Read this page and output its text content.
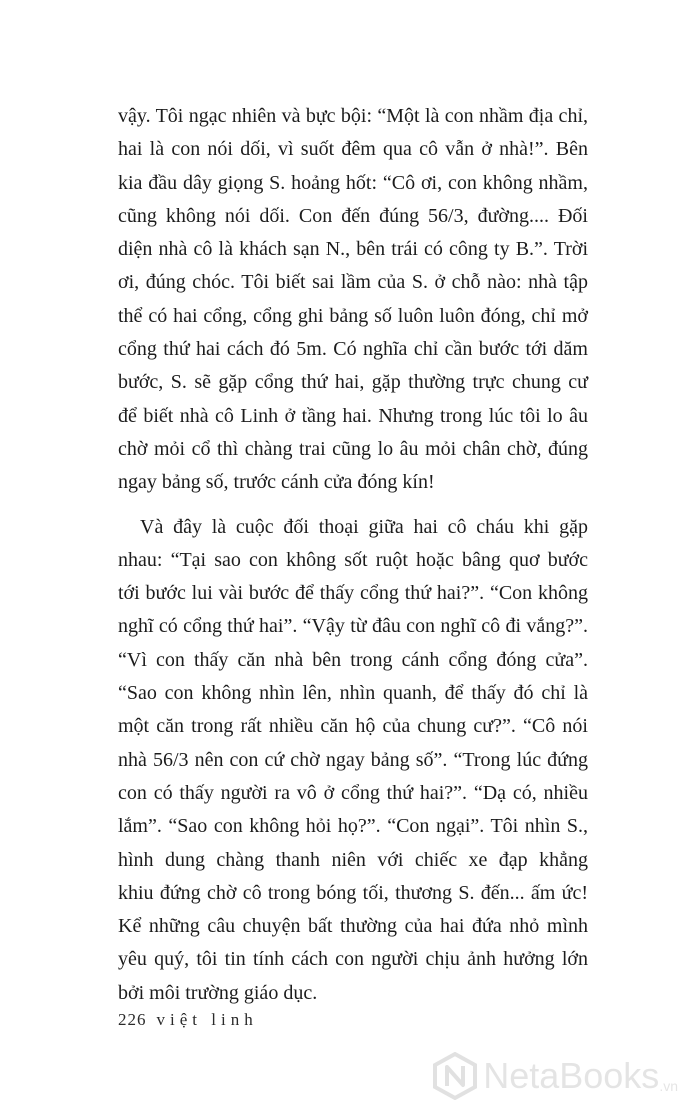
vậy. Tôi ngạc nhiên và bực bội: “Một là con nhầm địa chỉ,
hai là con nói dối, vì suốt đêm qua cô vẫn ở nhà!”. Bên
kia đầu dây giọng S. hoảng hốt: “Cô ơi, con không nhầm,
cũng không nói dối. Con đến đúng 56/3, đường.... Đối
diện nhà cô là khách sạn N., bên trái có công ty B.”. Trời
ơi, đúng chóc. Tôi biết sai lầm của S. ở chỗ nào: nhà tập
thể có hai cổng, cổng ghi bảng số luôn luôn đóng, chỉ mở
cổng thứ hai cách đó 5m. Có nghĩa chỉ cần bước tới dăm
bước, S. sẽ gặp cổng thứ hai, gặp thường trực chung cư
để biết nhà cô Linh ở tầng hai. Nhưng trong lúc tôi lo âu
chờ mỏi cổ thì chàng trai cũng lo âu mỏi chân chờ, đúng
ngay bảng số, trước cánh cửa đóng kín!
Và đây là cuộc đối thoại giữa hai cô cháu khi gặp
nhau: “Tại sao con không sốt ruột hoặc bâng quơ bước
tới bước lui vài bước để thấy cổng thứ hai?”. “Con không
nghĩ có cổng thứ hai”. “Vậy từ đâu con nghĩ cô đi vắng?”.
“Vì con thấy căn nhà bên trong cánh cổng đóng cửa”.
“Sao con không nhìn lên, nhìn quanh, để thấy đó chỉ là
một căn trong rất nhiều căn hộ của chung cư?”. “Cô nói
nhà 56/3 nên con cứ chờ ngay bảng số”. “Trong lúc đứng
con có thấy người ra vô ở cổng thứ hai?”. “Dạ có, nhiều
lắm”. “Sao con không hỏi họ?”. “Con ngại”. Tôi nhìn S.,
hình dung chàng thanh niên với chiếc xe đạp khẳng
khiu đứng chờ cô trong bóng tối, thương S. đến... ấm ức!
Kể những câu chuyện bất thường của hai đứa nhỏ mình
yêu quý, tôi tin tính cách con người chịu ảnh hưởng lớn
bởi môi trường giáo dục.
226 việt linh
NetaBooks .vn
